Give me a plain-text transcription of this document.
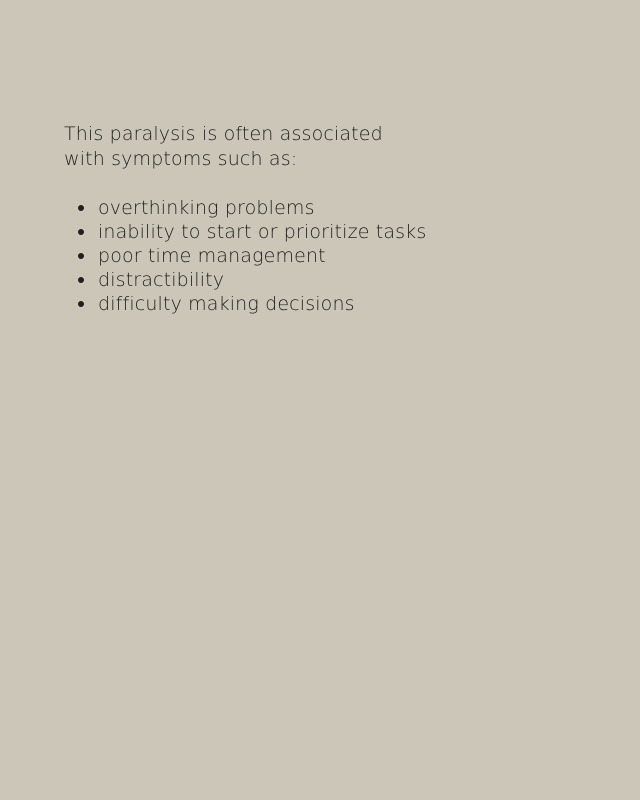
This paralysis is often associated
with symptoms such as:

overthinking problems
inability to start or prioritize tasks
poor time management
distractibility
difficulty making decisions
